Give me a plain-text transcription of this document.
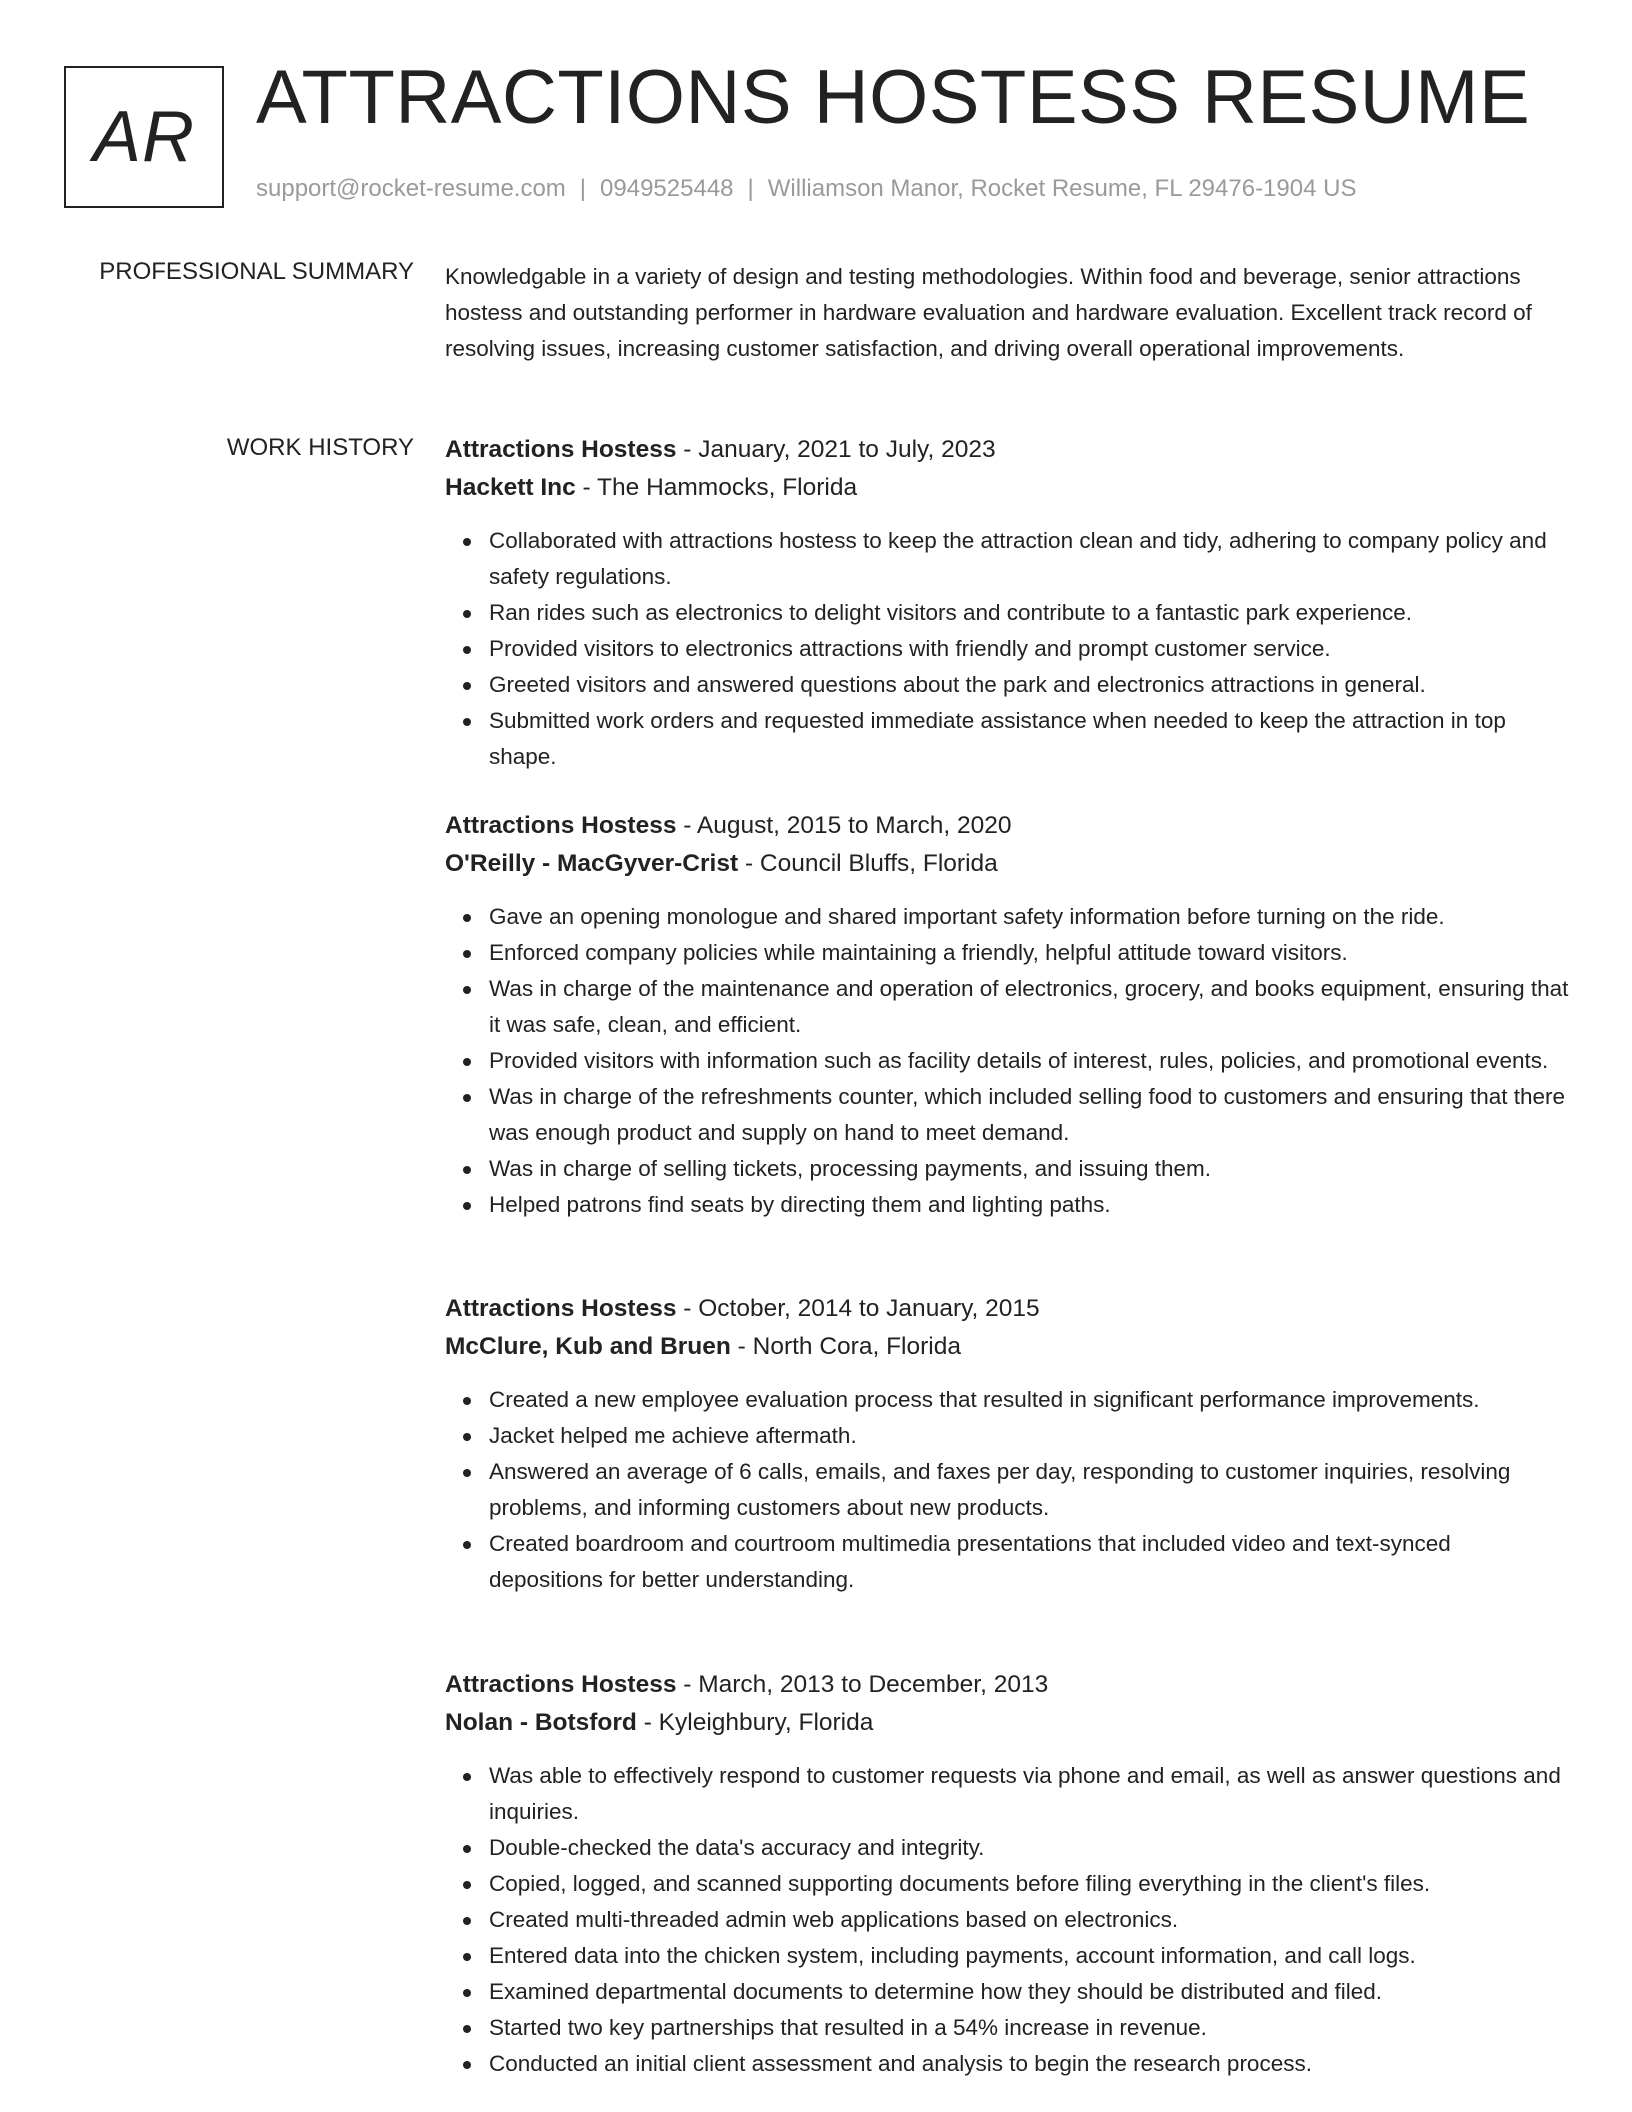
AR ATTRACTIONS HOSTESS RESUME
support@rocket-resume.com | 0949525448 | Williamson Manor, Rocket Resume, FL 29476-1904 US
PROFESSIONAL SUMMARY Knowledgable in a variety of design and testing methodologies. Within food and beverage, senior attractions hostess and outstanding performer in hardware evaluation and hardware evaluation. Excellent track record of resolving issues, increasing customer satisfaction, and driving overall operational improvements.
WORK HISTORY Attractions Hostess - January, 2021 to July, 2023
Hackett Inc - The Hammocks, Florida
Collaborated with attractions hostess to keep the attraction clean and tidy, adhering to company policy and safety regulations.
Ran rides such as electronics to delight visitors and contribute to a fantastic park experience.
Provided visitors to electronics attractions with friendly and prompt customer service.
Greeted visitors and answered questions about the park and electronics attractions in general.
Submitted work orders and requested immediate assistance when needed to keep the attraction in top shape.
Attractions Hostess - August, 2015 to March, 2020
O'Reilly - MacGyver-Crist - Council Bluffs, Florida
Gave an opening monologue and shared important safety information before turning on the ride.
Enforced company policies while maintaining a friendly, helpful attitude toward visitors.
Was in charge of the maintenance and operation of electronics, grocery, and books equipment, ensuring that it was safe, clean, and efficient.
Provided visitors with information such as facility details of interest, rules, policies, and promotional events.
Was in charge of the refreshments counter, which included selling food to customers and ensuring that there was enough product and supply on hand to meet demand.
Was in charge of selling tickets, processing payments, and issuing them.
Helped patrons find seats by directing them and lighting paths.
Attractions Hostess - October, 2014 to January, 2015
McClure, Kub and Bruen - North Cora, Florida
Created a new employee evaluation process that resulted in significant performance improvements.
Jacket helped me achieve aftermath.
Answered an average of 6 calls, emails, and faxes per day, responding to customer inquiries, resolving problems, and informing customers about new products.
Created boardroom and courtroom multimedia presentations that included video and text-synced depositions for better understanding.
Attractions Hostess - March, 2013 to December, 2013
Nolan - Botsford - Kyleighbury, Florida
Was able to effectively respond to customer requests via phone and email, as well as answer questions and inquiries.
Double-checked the data's accuracy and integrity.
Copied, logged, and scanned supporting documents before filing everything in the client's files.
Created multi-threaded admin web applications based on electronics.
Entered data into the chicken system, including payments, account information, and call logs.
Examined departmental documents to determine how they should be distributed and filed.
Started two key partnerships that resulted in a 54% increase in revenue.
Conducted an initial client assessment and analysis to begin the research process.
